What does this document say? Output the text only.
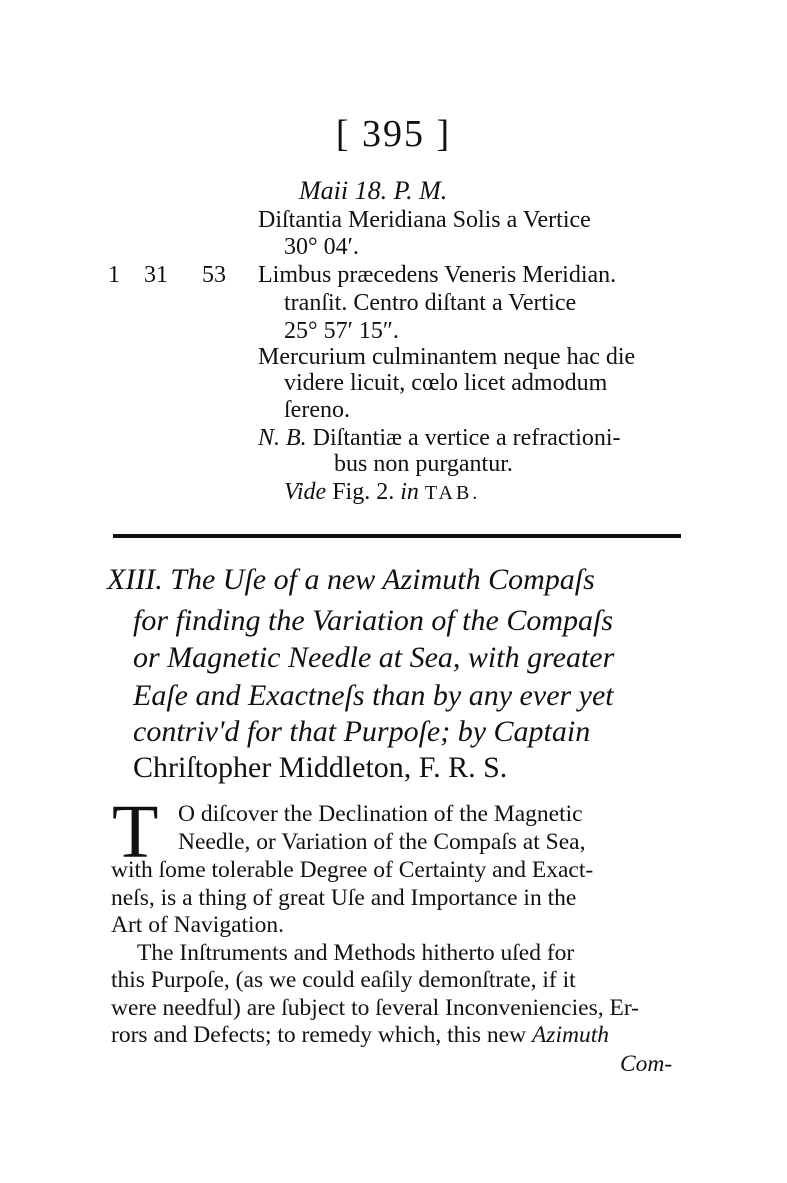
[ 395 ]
Maii 18. P. M.
Diſtantia Meridiana Solis a Vertice
30° 04′.
1 31 53 Limbus præcedens Veneris Meridian.
tranſit. Centro diſtant a Vertice
25° 57′ 15″.
Mercurium culminantem neque hac die
videre licuit, cœlo licet admodum
ſereno.
N. B. Diſtantiæ a vertice a refractioni-
bus non purgantur.
Vide Fig. 2. in TAB.
XIII. The Uſe of a new Azimuth Compaſs
for finding the Variation of the Compaſs
or Magnetic Needle at Sea, with greater
Eaſe and Exactneſs than by any ever yet
contriv'd for that Purpoſe; by Captain
Chriſtopher Middleton, F. R. S.
T O diſcover the Declination of the Magnetic
Needle, or Variation of the Compaſs at Sea,
with ſome tolerable Degree of Certainty and Exact-
neſs, is a thing of great Uſe and Importance in the
Art of Navigation.
The Inſtruments and Methods hitherto uſed for
this Purpoſe, (as we could eaſily demonſtrate, if it
were needful) are ſubject to ſeveral Inconveniencies, Er-
rors and Defects; to remedy which, this new Azimuth
Com-
